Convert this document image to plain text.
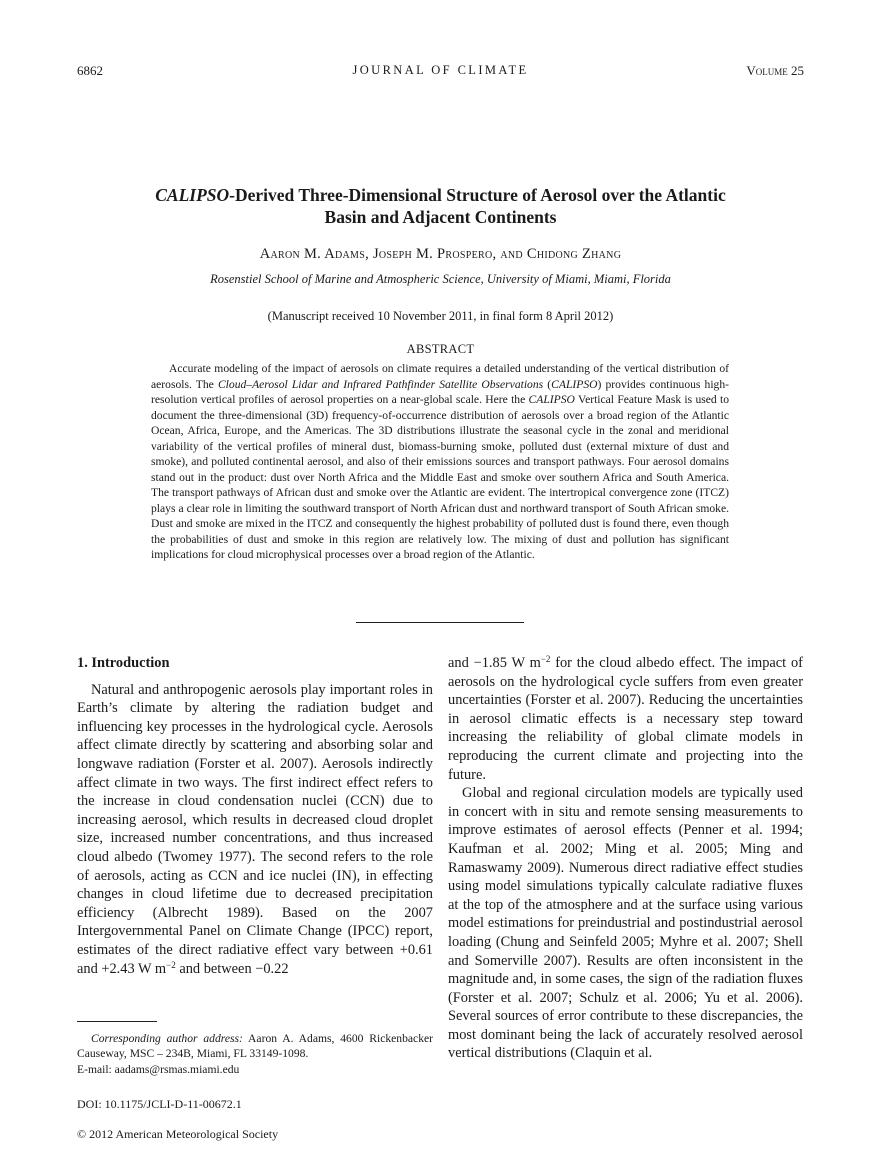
6862	JOURNAL OF CLIMATE	Volume 25
CALIPSO-Derived Three-Dimensional Structure of Aerosol over the Atlantic
Basin and Adjacent Continents
Aaron M. Adams, Joseph M. Prospero, and Chidong Zhang
Rosenstiel School of Marine and Atmospheric Science, University of Miami, Miami, Florida
(Manuscript received 10 November 2011, in final form 8 April 2012)
ABSTRACT
Accurate modeling of the impact of aerosols on climate requires a detailed understanding of the vertical distribution of aerosols. The Cloud–Aerosol Lidar and Infrared Pathfinder Satellite Observations (CALIPSO) provides continuous high-resolution vertical profiles of aerosol properties on a near-global scale. Here the CALIPSO Vertical Feature Mask is used to document the three-dimensional (3D) frequency-of-occurrence distribution of aerosols over a broad region of the Atlantic Ocean, Africa, Europe, and the Americas. The 3D distributions illustrate the seasonal cycle in the zonal and meridional variability of the vertical profiles of mineral dust, biomass-burning smoke, polluted dust (external mixture of dust and smoke), and polluted continental aerosol, and also of their emissions sources and transport pathways. Four aerosol domains stand out in the product: dust over North Africa and the Middle East and smoke over southern Africa and South America. The transport pathways of African dust and smoke over the Atlantic are evident. The intertropical convergence zone (ITCZ) plays a clear role in limiting the southward transport of North African dust and northward transport of South African smoke. Dust and smoke are mixed in the ITCZ and consequently the highest probability of polluted dust is found there, even though the probabilities of dust and smoke in this region are relatively low. The mixing of dust and pollution has significant implications for cloud microphysical processes over a broad region of the Atlantic.
1. Introduction

Natural and anthropogenic aerosols play important roles in Earth’s climate by altering the radiation budget and influencing key processes in the hydrological cycle. Aerosols affect climate directly by scattering and absorbing solar and longwave radiation (Forster et al. 2007). Aerosols indirectly affect climate in two ways. The first indirect effect refers to the increase in cloud condensation nuclei (CCN) due to increasing aerosol, which results in decreased cloud droplet size, increased number concentrations, and thus increased cloud albedo (Twomey 1977). The second refers to the role of aerosols, acting as CCN and ice nuclei (IN), in effecting changes in cloud lifetime due to decreased precipitation efficiency (Albrecht 1989). Based on the 2007 Intergovernmental Panel on Climate Change (IPCC) report, estimates of the direct radiative effect vary between +0.61 and +2.43 W $m^{-2}$ and between −0.22

and −1.85 W $m^{-2}$ for the cloud albedo effect. The impact of aerosols on the hydrological cycle suffers from even greater uncertainties (Forster et al. 2007). Reducing the uncertainties in aerosol climatic effects is a necessary step toward increasing the reliability of global climate models in reproducing the current climate and projecting into the future.

Global and regional circulation models are typically used in concert with in situ and remote sensing measurements to improve estimates of aerosol effects (Penner et al. 1994; Kaufman et al. 2002; Ming et al. 2005; Ming and Ramaswamy 2009). Numerous direct radiative effect studies using model simulations typically calculate radiative fluxes at the top of the atmosphere and at the surface using various model estimations for preindustrial and postindustrial aerosol loading (Chung and Seinfeld 2005; Myhre et al. 2007; Shell and Somerville 2007). Results are often inconsistent in the magnitude and, in some cases, the sign of the radiation fluxes (Forster et al. 2007; Schulz et al. 2006; Yu et al. 2006). Several sources of error contribute to these discrepancies, the most dominant being the lack of accurately resolved aerosol vertical distributions (Claquin et al.

Corresponding author address: Aaron A. Adams, 4600 Rickenbacker Causeway, MSC – 234B, Miami, FL 33149-1098.
E-mail: aadams@rsmas.miami.edu
DOI: 10.1175/JCLI-D-11-00672.1
© 2012 American Meteorological Society
